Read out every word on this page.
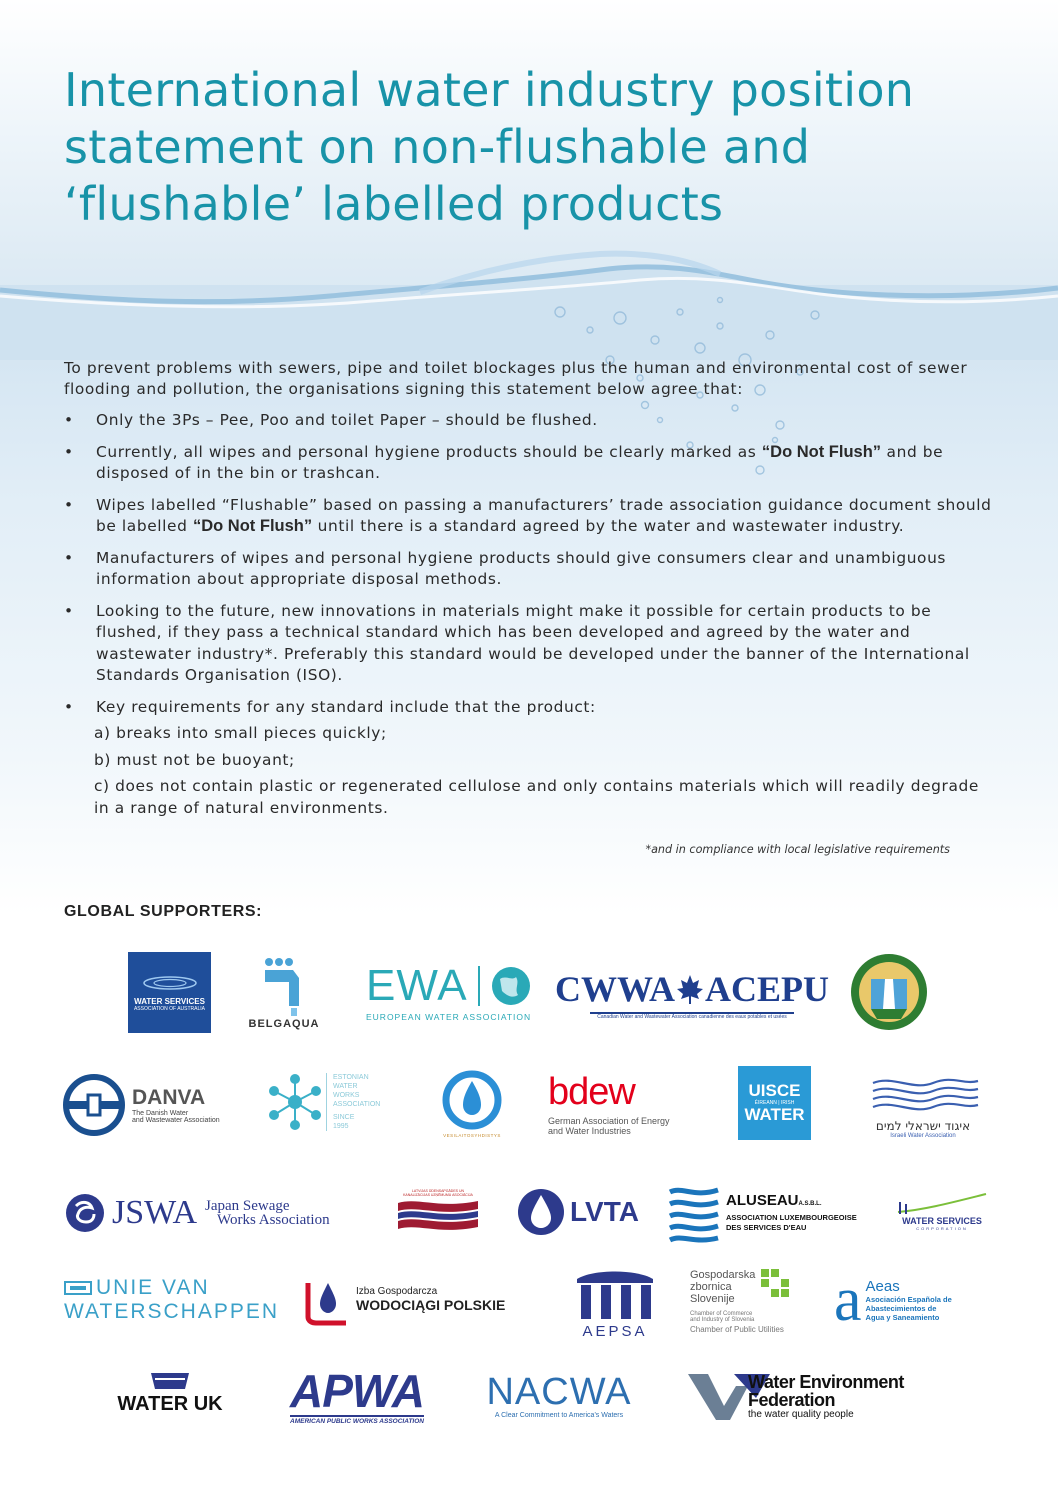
International water industry position statement on non-flushable and ‘flushable’ labelled products

To prevent problems with sewers, pipe and toilet blockages plus the human and environmental cost of sewer flooding and pollution, the organisations signing this statement below agree that:

• Only the 3Ps – Pee, Poo and toilet Paper – should be flushed.
• Currently, all wipes and personal hygiene products should be clearly marked as “Do Not Flush” and be disposed of in the bin or trashcan.
• Wipes labelled “Flushable” based on passing a manufacturers’ trade association guidance document should be labelled “Do Not Flush” until there is a standard agreed by the water and wastewater industry.
• Manufacturers of wipes and personal hygiene products should give consumers clear and unambiguous information about appropriate disposal methods.
• Looking to the future, new innovations in materials might make it possible for certain products to be flushed, if they pass a technical standard which has been developed and agreed by the water and wastewater industry*. Preferably this standard would be developed under the banner of the International Standards Organisation (ISO).
• Key requirements for any standard include that the product:
a) breaks into small pieces quickly;
b) must not be buoyant;
c) does not contain plastic or regenerated cellulose and only contains materials which will readily degrade in a range of natural environments.
*and in compliance with local legislative requirements
GLOBAL SUPPORTERS:
WATER SERVICES
ASSOCIATION OF AUSTRALIA
BELGAQUA
EWA
EUROPEAN WATER ASSOCIATION
CWWA ACEPU
Canadian Water and Wastewater Association canadienne des eaux potables et usées
DANVA
The Danish Water
and Wastewater Association
ESTONIAN
WATER
WORKS
ASSOCIATION
SINCE
1995
VESILAITOSYHDISTYS
bdew
German Association of Energy
and Water Industries
UISCE
ÉIREANN | IRISH
WATER
איגוד ישראלי למים
Israeli Water Association
JSWA Japan Sewage
Works Association
LATVIJAS ŪDENSAPGĀDES UN KANALIZĀCIJAS UZŅĒMUMU ASOCIĀCIJA
LVTA	ALUSEAUA.S.B.L.
ASSOCIATION LUXEMBOURGEOISE
DES SERVICES D'EAU
WATER SERVICES
CORPORATION
UNIE VAN
WATERSCHAPPEN
Izba Gospodarcza
WODOCIĄGI POLSKIE
AEPSA
Gospodarska
zbornica
Slovenije
Chamber of Commerce
and Industry of Slovenia
Chamber of Public Utilities a Aeas
Asociación Española de
Abastecimientos de
Agua y Saneamiento
WATER UK APWA
AMERICAN PUBLIC WORKS ASSOCIATION
NACWA
A Clear Commitment to America's Waters
Water Environment
Federation
the water quality people
